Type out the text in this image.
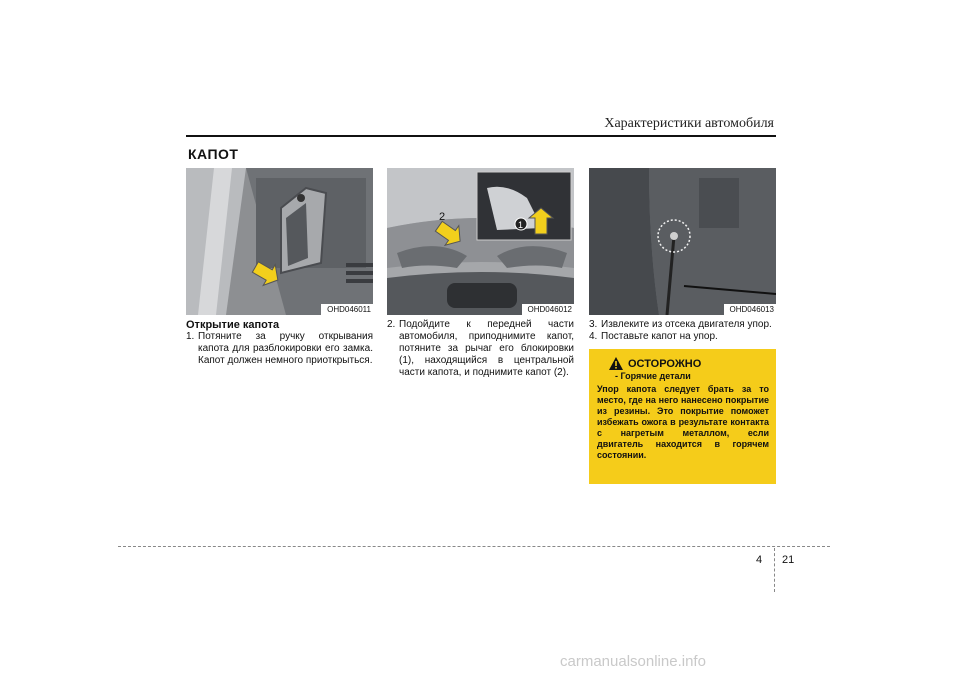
Характеристики автомобиля
КАПОТ
OHD046011
2
1
OHD046012	OHD046013
Открытие капота
1. Потяните за ручку открывания капота для разблокировки его замка. Капот должен немного приоткрыться.
2. Подойдите к передней части автомобиля, приподнимите капот, потяните за рычаг его блокировки (1), находящийся в центральной части капота, и поднимите капот (2).
3. Извлеките из отсека двигателя упор.
4. Поставьте капот на упор.
ОСТОРОЖНО
- Горячие детали
Упор капота следует брать за то место, где на него нанесено покрытие из резины. Это покрытие поможет избежать ожога в результате контакта с нагретым металлом, если двигатель находится в горячем состоянии.
4 21
carmanualsonline.info
